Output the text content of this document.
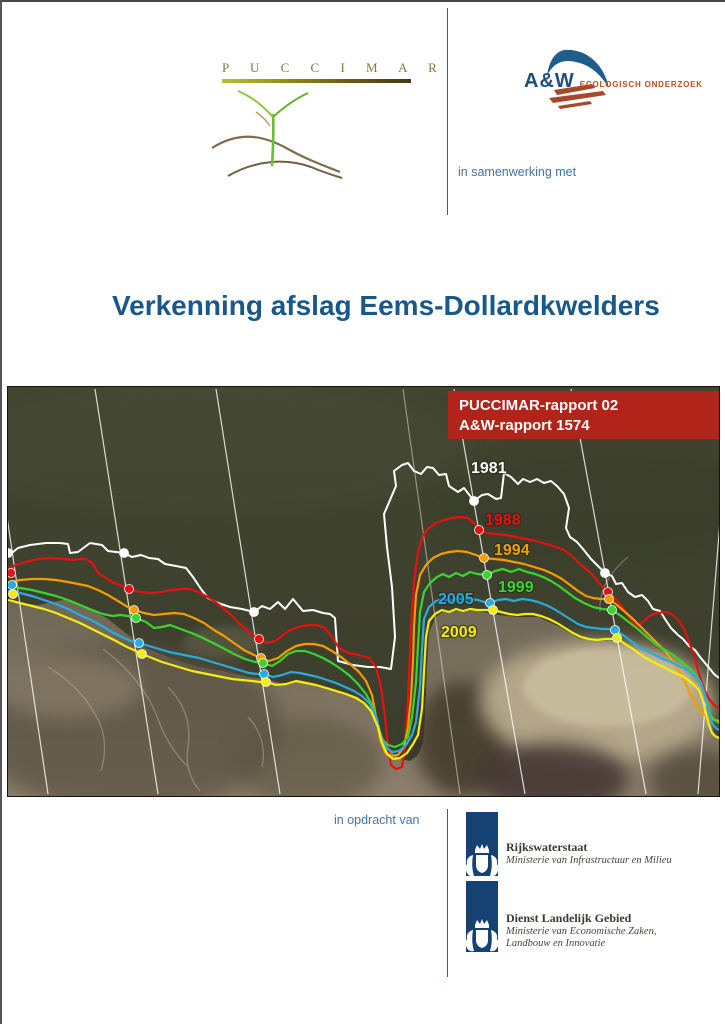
P U C C I M A R
A&W ECOLOGISCH ONDERZOEK
in samenwerking met
Verkenning afslag Eems-Dollardkwelders
1981
1988
1994
1999
2005
2009
PUCCIMAR-rapport 02
A&W-rapport 1574
in opdracht van
Rijkswaterstaat
Ministerie van Infrastructuur en Milieu
Dienst Landelijk Gebied
Ministerie van Economische Zaken,
Landbouw en Innovatie
